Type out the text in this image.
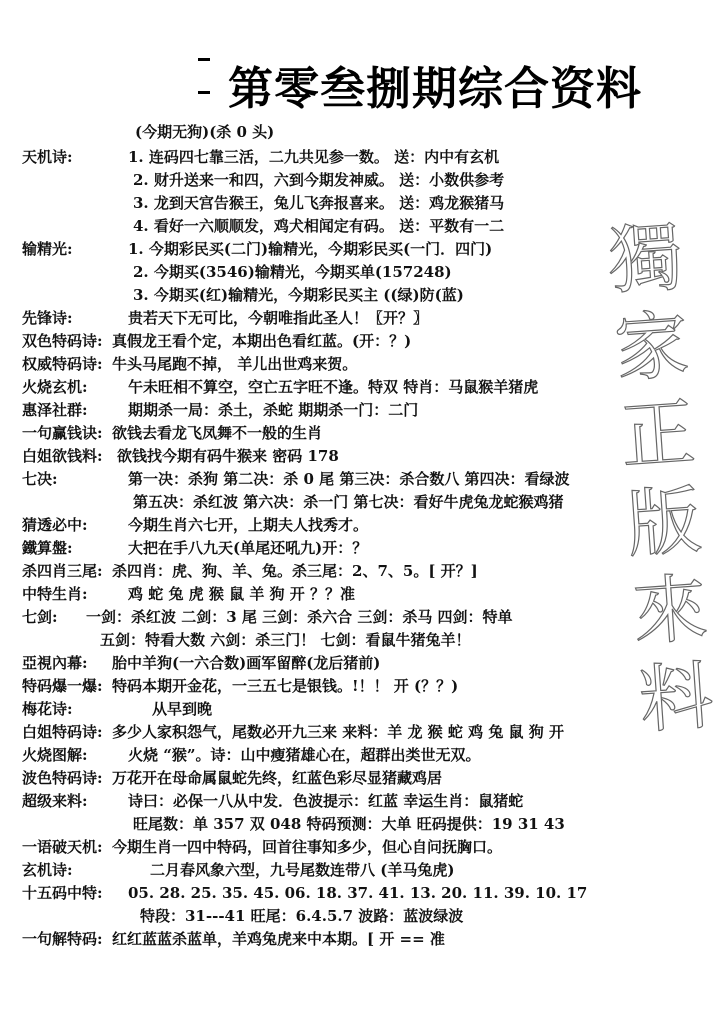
第零叁捌期综合资料
(今期无狗)(杀 0 头)
獨
家
正
版
來
料
天机诗:	1. 连码四七靠三活，二九共见参一数。 送：内中有玄机
2. 财升送来一和四，六到今期发神威。 送：小数供参考
3. 龙到天宫告猴王，兔儿飞奔报喜来。 送：鸡龙猴猪马
4. 看好一六顺顺发，鸡犬相闻定有码。 送：平数有一二
输精光:	1. 今期彩民买(二门)输精光，今期彩民买(一门．四门)
2. 今期买(3546)输精光，今期买单(157248)
3. 今期买(红)输精光，今期彩民买主 ((绿)防(蓝)
先锋诗:	贵若天下无可比，今朝唯指此圣人！〖开？〗
双色特码诗: 真假龙王看个定，本期出色看红蓝。(开：？)
权威特码诗: 牛头马尾跑不掉， 羊儿出世鸡来贺。
火烧玄机:	午未旺相不算空，空亡五字旺不逢。特双 特肖：马鼠猴羊猪虎
惠泽社群:	期期杀一局：杀土，杀蛇 期期杀一门：二门
一句赢钱诀: 欲钱去看龙飞凤舞不一般的生肖
白姐欲钱料: 欲钱找今期有码牛猴来 密码 178
七决:	第一决：杀狗 第二决：杀 0 尾 第三决：杀合数八 第四决：看绿波
第五决：杀红波 第六决：杀一门 第七决：看好牛虎兔龙蛇猴鸡猪
猜透必中:	今期生肖六七开，上期夫人找秀才。
鐵算盤:	大把在手八九天(单尾还吼九)开：？
杀四肖三尾: 杀四肖：虎、狗、羊、兔。杀三尾：2、7、5。[ 开？]
中特生肖:	鸡 蛇 兔 虎 猴 鼠 羊 狗 开 ？？准
七剑: 一剑：杀红波 二剑：3 尾 三剑：杀六合 三剑：杀马 四剑：特单
五剑：特看大数 六剑：杀三门！ 七剑：看鼠牛猪兔羊！
亞視內幕: 胎中羊狗(一六合数)画军留醉(龙后猪前)
特码爆一爆: 特码本期开金花，一三五七是银钱。!！！ 开 (？？)
梅花诗:	从早到晚
白姐特码诗: 多少人家积怨气，尾数必开九三来 来料：羊 龙 猴 蛇 鸡 兔 鼠 狗 开
火烧图解:	火烧 “猴”。诗：山中瘦猪雄心在，超群出类世无双。
波色特码诗: 万花开在母命属鼠蛇先终，红蓝色彩尽显猪藏鸡居
超级来料:	诗曰：必保一八从中发．色波提示：红蓝 幸运生肖：鼠猪蛇
旺尾数：单 357 双 048 特码预测：大单 旺码提供：19 31 43
一语破天机: 今期生肖一四中特码，回首往事知多少，但心自问抚胸口。
玄机诗:	二月春风象六型，九号尾数连带八 (羊马兔虎)
十五码中特: 05. 28. 25. 35. 45. 06. 18. 37. 41. 13. 20. 11. 39. 10. 17
特段：31---41 旺尾：6.4.5.7 波路：蓝波绿波
一句解特码: 红红蓝蓝杀蓝单，羊鸡兔虎来中本期。[ 开 == 准
